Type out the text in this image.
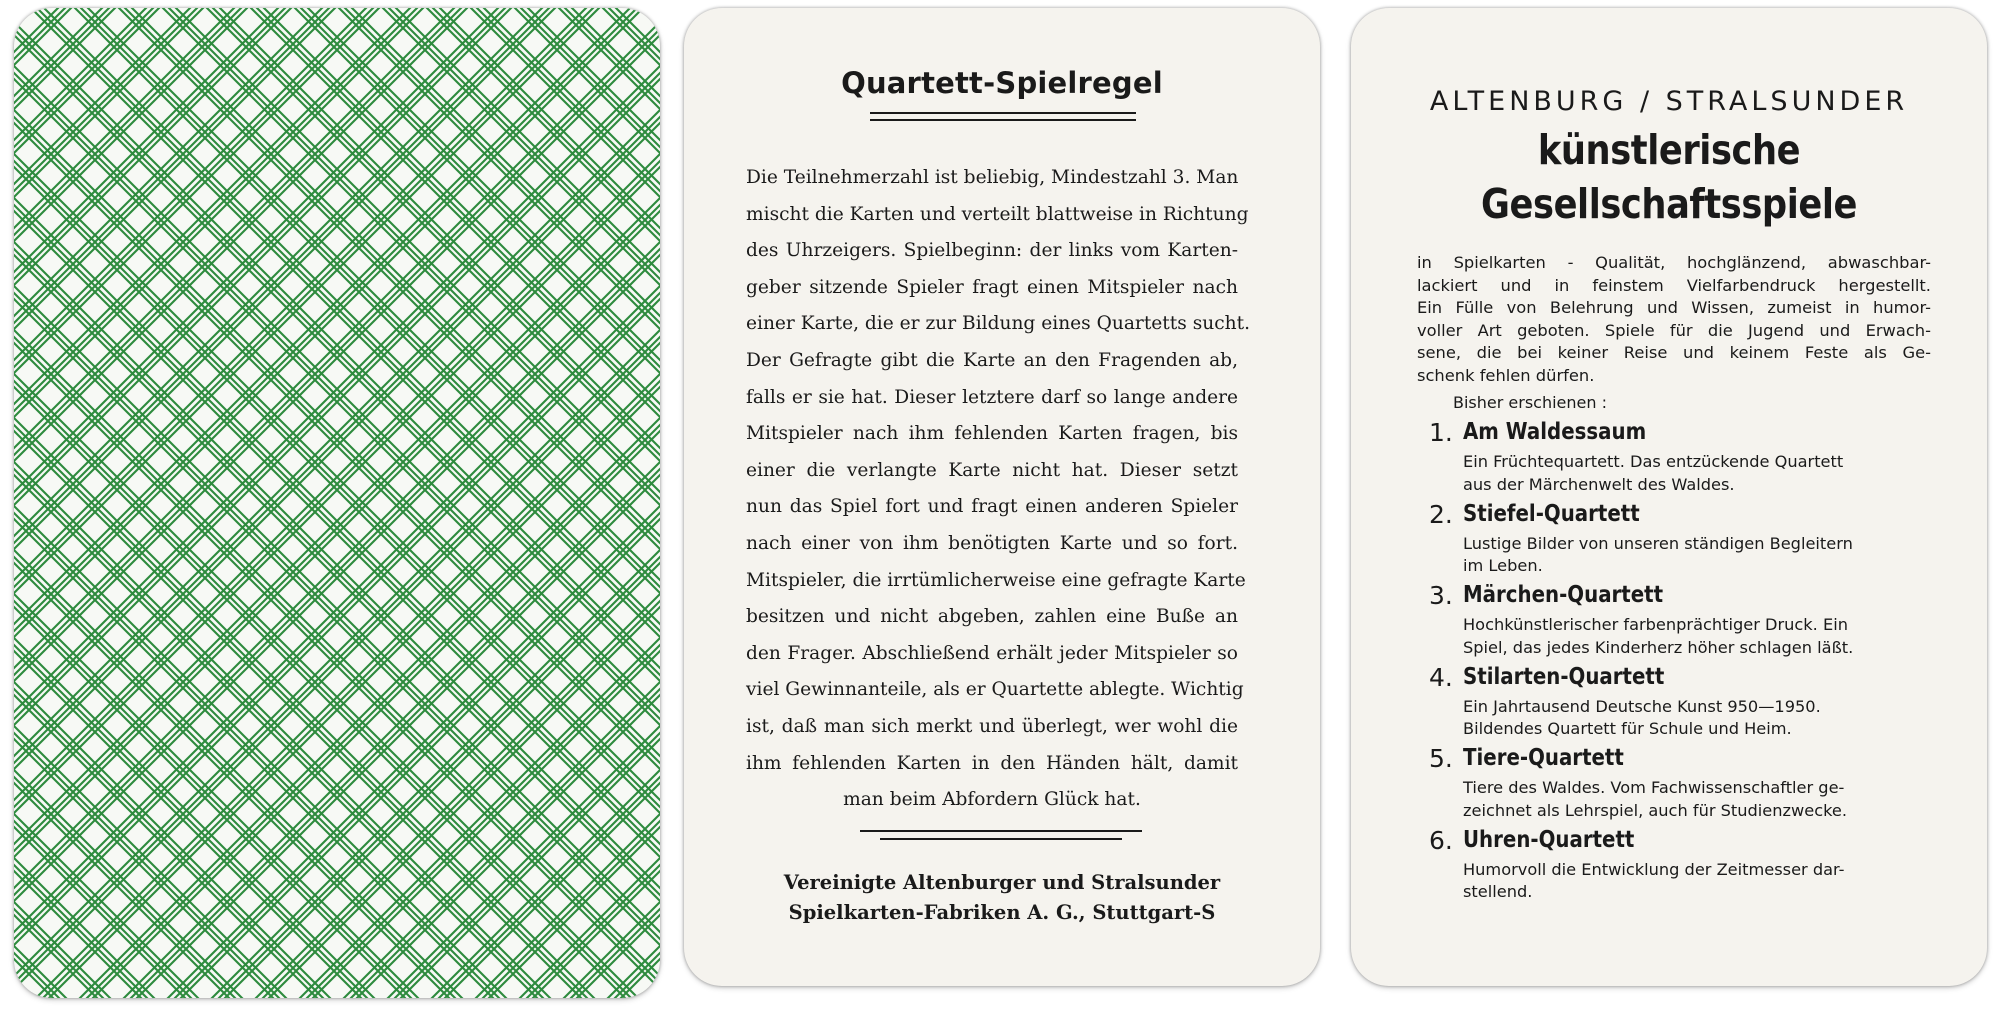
Quartett-Spielregel
Die Teilnehmerzahl ist beliebig, Mindestzahl 3. Man
mischt die Karten und verteilt blattweise in Richtung
des Uhrzeigers. Spielbeginn: der links vom Karten-
geber sitzende Spieler fragt einen Mitspieler nach
einer Karte, die er zur Bildung eines Quartetts sucht.
Der Gefragte gibt die Karte an den Fragenden ab,
falls er sie hat. Dieser letztere darf so lange andere
Mitspieler nach ihm fehlenden Karten fragen, bis
einer die verlangte Karte nicht hat. Dieser setzt
nun das Spiel fort und fragt einen anderen Spieler
nach einer von ihm benötigten Karte und so fort.
Mitspieler, die irrtümlicherweise eine gefragte Karte
besitzen und nicht abgeben, zahlen eine Buße an
den Frager. Abschließend erhält jeder Mitspieler so
viel Gewinnanteile, als er Quartette ablegte. Wichtig
ist, daß man sich merkt und überlegt, wer wohl die
ihm fehlenden Karten in den Händen hält, damit
man beim Abfordern Glück hat.
Vereinigte Altenburger und Stralsunder
Spielkarten-Fabriken A. G., Stuttgart-S
ALTENBURG / STRALSUNDER
künstlerische
Gesellschaftsspiele
in Spielkarten - Qualität, hochglänzend, abwaschbar-
lackiert und in feinstem Vielfarbendruck hergestellt.
Ein Fülle von Belehrung und Wissen, zumeist in humor-
voller Art geboten. Spiele für die Jugend und Erwach-
sene, die bei keiner Reise und keinem Feste als Ge-
schenk fehlen dürfen.
Bisher erschienen :
1. Am Waldessaum
Ein Früchtequartett. Das entzückende Quartett
aus der Märchenwelt des Waldes.
2. Stiefel-Quartett
Lustige Bilder von unseren ständigen Begleitern
im Leben.
3. Märchen-Quartett
Hochkünstlerischer farbenprächtiger Druck. Ein
Spiel, das jedes Kinderherz höher schlagen läßt.
4. Stilarten-Quartett
Ein Jahrtausend Deutsche Kunst 950—1950.
Bildendes Quartett für Schule und Heim.
5. Tiere-Quartett
Tiere des Waldes. Vom Fachwissenschaftler ge-
zeichnet als Lehrspiel, auch für Studienzwecke.
6. Uhren-Quartett
Humorvoll die Entwicklung der Zeitmesser dar-
stellend.
